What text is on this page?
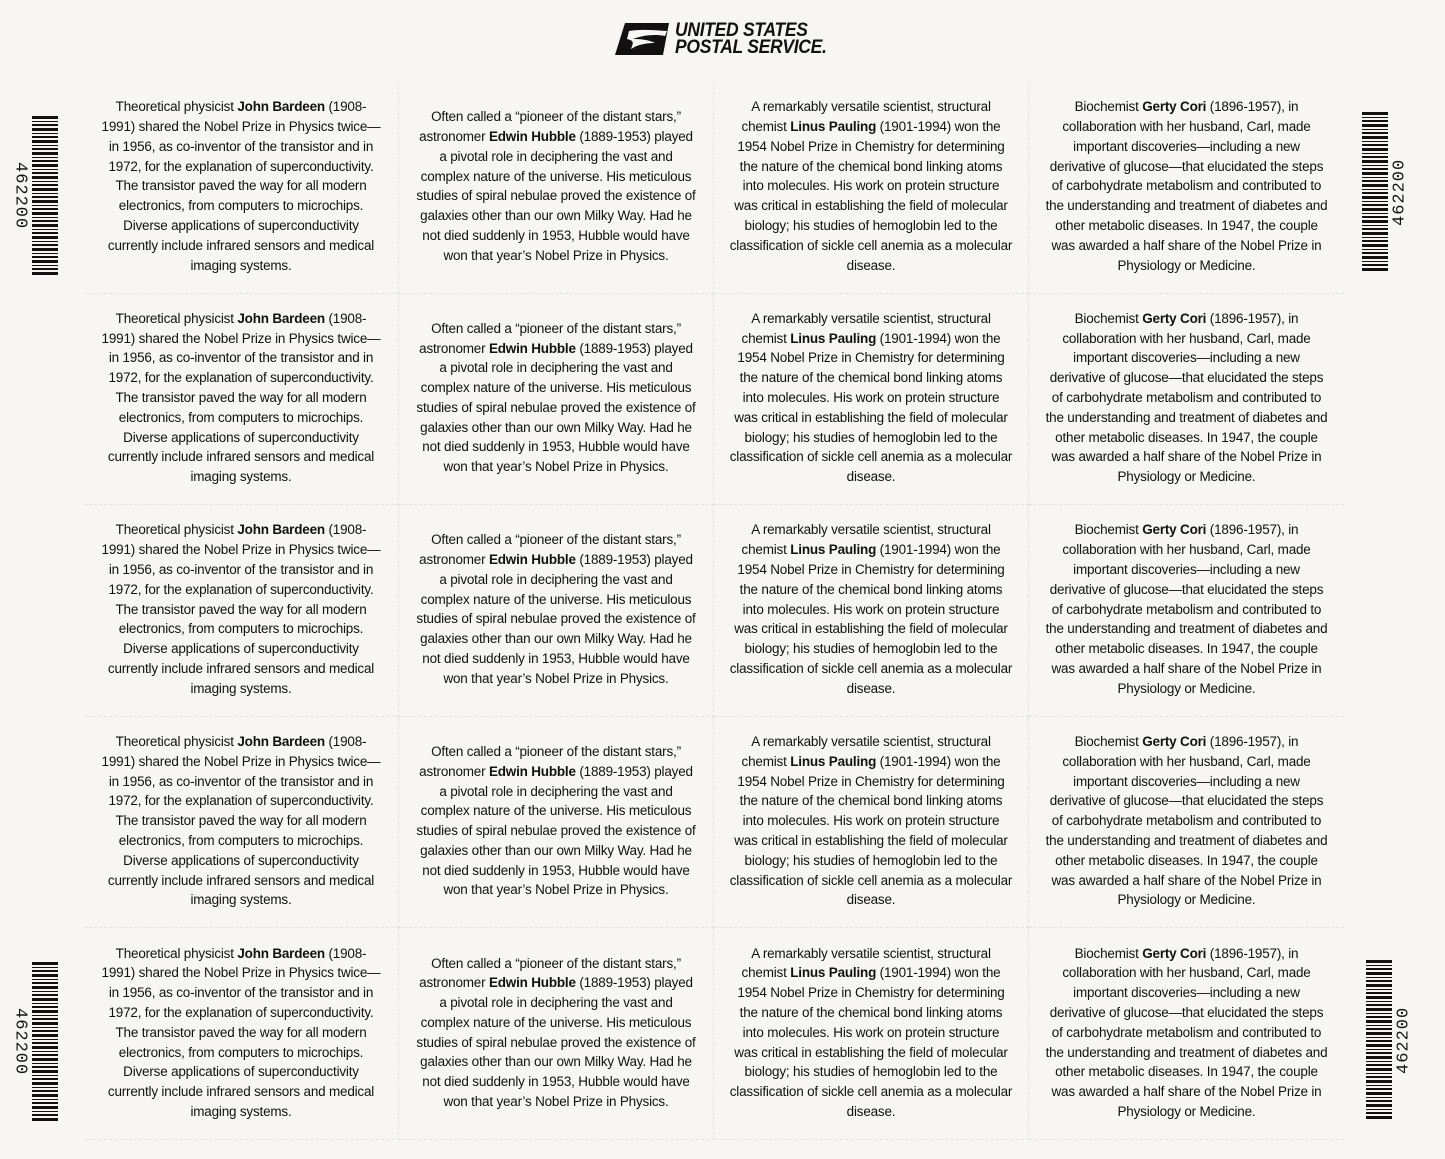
UNITED STATES
POSTAL SERVICE.
462200	462200
462200	462200

Theoretical physicist John Bardeen (1908-1991) shared the Nobel Prize in Physics twice—in 1956, as co-inventor of the transistor and in 1972, for the explanation of superconductivity. The transistor paved the way for all modern electronics, from computers to microchips. Diverse applications of superconductivity currently include infrared sensors and medical imaging systems.

Often called a “pioneer of the distant stars,” astronomer Edwin Hubble (1889-1953) played a pivotal role in deciphering the vast and complex nature of the universe. His meticulous studies of spiral nebulae proved the existence of galaxies other than our own Milky Way. Had he not died suddenly in 1953, Hubble would have won that year’s Nobel Prize in Physics.

A remarkably versatile scientist, structural chemist Linus Pauling (1901-1994) won the 1954 Nobel Prize in Chemistry for determining the nature of the chemical bond linking atoms into molecules. His work on protein structure was critical in establishing the field of molecular biology; his studies of hemoglobin led to the classification of sickle cell anemia as a molecular disease.

Biochemist Gerty Cori (1896-1957), in collaboration with her husband, Carl, made important discoveries—including a new derivative of glucose—that elucidated the steps of carbohydrate metabolism and contributed to the understanding and treatment of diabetes and other metabolic diseases. In 1947, the couple was awarded a half share of the Nobel Prize in Physiology or Medicine.

Theoretical physicist John Bardeen (1908-1991) shared the Nobel Prize in Physics twice—in 1956, as co-inventor of the transistor and in 1972, for the explanation of superconductivity. The transistor paved the way for all modern electronics, from computers to microchips. Diverse applications of superconductivity currently include infrared sensors and medical imaging systems.

Often called a “pioneer of the distant stars,” astronomer Edwin Hubble (1889-1953) played a pivotal role in deciphering the vast and complex nature of the universe. His meticulous studies of spiral nebulae proved the existence of galaxies other than our own Milky Way. Had he not died suddenly in 1953, Hubble would have won that year’s Nobel Prize in Physics.

A remarkably versatile scientist, structural chemist Linus Pauling (1901-1994) won the 1954 Nobel Prize in Chemistry for determining the nature of the chemical bond linking atoms into molecules. His work on protein structure was critical in establishing the field of molecular biology; his studies of hemoglobin led to the classification of sickle cell anemia as a molecular disease.

Biochemist Gerty Cori (1896-1957), in collaboration with her husband, Carl, made important discoveries—including a new derivative of glucose—that elucidated the steps of carbohydrate metabolism and contributed to the understanding and treatment of diabetes and other metabolic diseases. In 1947, the couple was awarded a half share of the Nobel Prize in Physiology or Medicine.

Theoretical physicist John Bardeen (1908-1991) shared the Nobel Prize in Physics twice—in 1956, as co-inventor of the transistor and in 1972, for the explanation of superconductivity. The transistor paved the way for all modern electronics, from computers to microchips. Diverse applications of superconductivity currently include infrared sensors and medical imaging systems.

Often called a “pioneer of the distant stars,” astronomer Edwin Hubble (1889-1953) played a pivotal role in deciphering the vast and complex nature of the universe. His meticulous studies of spiral nebulae proved the existence of galaxies other than our own Milky Way. Had he not died suddenly in 1953, Hubble would have won that year’s Nobel Prize in Physics.

A remarkably versatile scientist, structural chemist Linus Pauling (1901-1994) won the 1954 Nobel Prize in Chemistry for determining the nature of the chemical bond linking atoms into molecules. His work on protein structure was critical in establishing the field of molecular biology; his studies of hemoglobin led to the classification of sickle cell anemia as a molecular disease.

Biochemist Gerty Cori (1896-1957), in collaboration with her husband, Carl, made important discoveries—including a new derivative of glucose—that elucidated the steps of carbohydrate metabolism and contributed to the understanding and treatment of diabetes and other metabolic diseases. In 1947, the couple was awarded a half share of the Nobel Prize in Physiology or Medicine.

Theoretical physicist John Bardeen (1908-1991) shared the Nobel Prize in Physics twice—in 1956, as co-inventor of the transistor and in 1972, for the explanation of superconductivity. The transistor paved the way for all modern electronics, from computers to microchips. Diverse applications of superconductivity currently include infrared sensors and medical imaging systems.

Often called a “pioneer of the distant stars,” astronomer Edwin Hubble (1889-1953) played a pivotal role in deciphering the vast and complex nature of the universe. His meticulous studies of spiral nebulae proved the existence of galaxies other than our own Milky Way. Had he not died suddenly in 1953, Hubble would have won that year’s Nobel Prize in Physics.

A remarkably versatile scientist, structural chemist Linus Pauling (1901-1994) won the 1954 Nobel Prize in Chemistry for determining the nature of the chemical bond linking atoms into molecules. His work on protein structure was critical in establishing the field of molecular biology; his studies of hemoglobin led to the classification of sickle cell anemia as a molecular disease.

Biochemist Gerty Cori (1896-1957), in collaboration with her husband, Carl, made important discoveries—including a new derivative of glucose—that elucidated the steps of carbohydrate metabolism and contributed to the understanding and treatment of diabetes and other metabolic diseases. In 1947, the couple was awarded a half share of the Nobel Prize in Physiology or Medicine.

Theoretical physicist John Bardeen (1908-1991) shared the Nobel Prize in Physics twice—in 1956, as co-inventor of the transistor and in 1972, for the explanation of superconductivity. The transistor paved the way for all modern electronics, from computers to microchips. Diverse applications of superconductivity currently include infrared sensors and medical imaging systems.

Often called a “pioneer of the distant stars,” astronomer Edwin Hubble (1889-1953) played a pivotal role in deciphering the vast and complex nature of the universe. His meticulous studies of spiral nebulae proved the existence of galaxies other than our own Milky Way. Had he not died suddenly in 1953, Hubble would have won that year’s Nobel Prize in Physics.

A remarkably versatile scientist, structural chemist Linus Pauling (1901-1994) won the 1954 Nobel Prize in Chemistry for determining the nature of the chemical bond linking atoms into molecules. His work on protein structure was critical in establishing the field of molecular biology; his studies of hemoglobin led to the classification of sickle cell anemia as a molecular disease.

Biochemist Gerty Cori (1896-1957), in collaboration with her husband, Carl, made important discoveries—including a new derivative of glucose—that elucidated the steps of carbohydrate metabolism and contributed to the understanding and treatment of diabetes and other metabolic diseases. In 1947, the couple was awarded a half share of the Nobel Prize in Physiology or Medicine.
